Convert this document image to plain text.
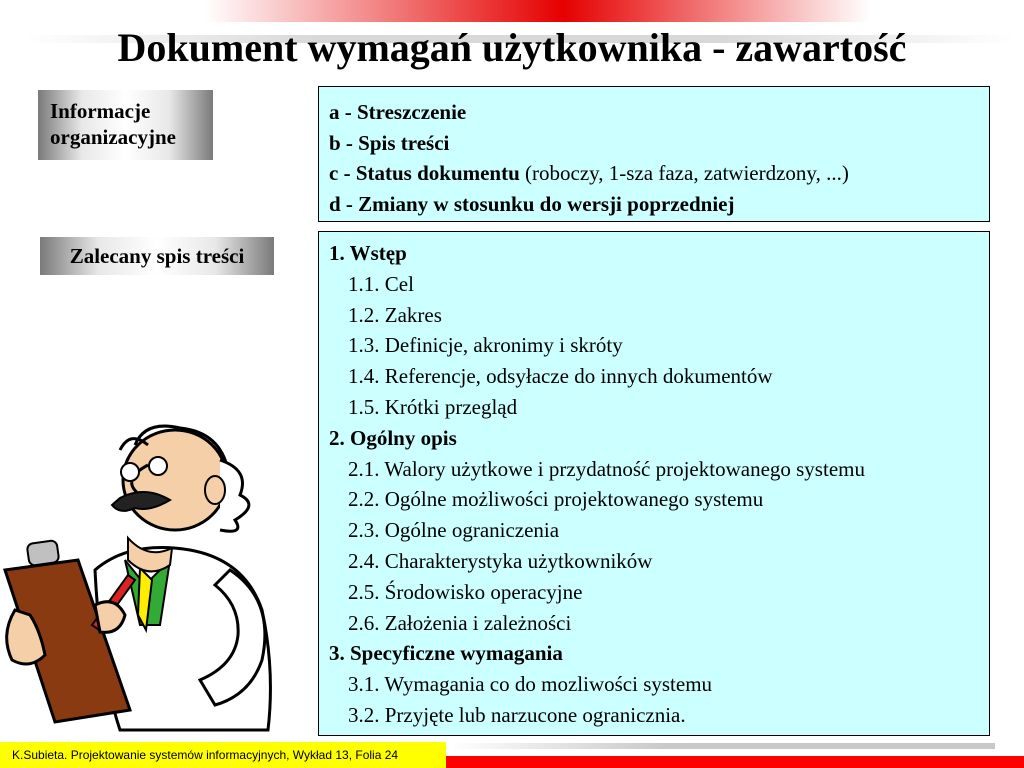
Dokument wymagań użytkownika - zawartość
Informacje
organizacyjne
Zalecany spis treści
a - Streszczenie
b - Spis treści
c - Status dokumentu (roboczy, 1-sza faza, zatwierdzony, ...)
d - Zmiany w stosunku do wersji poprzedniej
1. Wstęp
1.1. Cel
1.2. Zakres
1.3. Definicje, akronimy i skróty
1.4. Referencje, odsyłacze do innych dokumentów
1.5. Krótki przegląd
2. Ogólny opis
2.1. Walory użytkowe i przydatność projektowanego systemu
2.2. Ogólne możliwości projektowanego systemu
2.3. Ogólne ograniczenia
2.4. Charakterystyka użytkowników
2.5. Środowisko operacyjne
2.6. Założenia i zależności
3. Specyficzne wymagania
3.1. Wymagania co do mozliwości systemu
3.2. Przyjęte lub narzucone ogranicznia.
K.Subieta. Projektowanie systemów informacyjnych, Wykład 13, Folia 24
